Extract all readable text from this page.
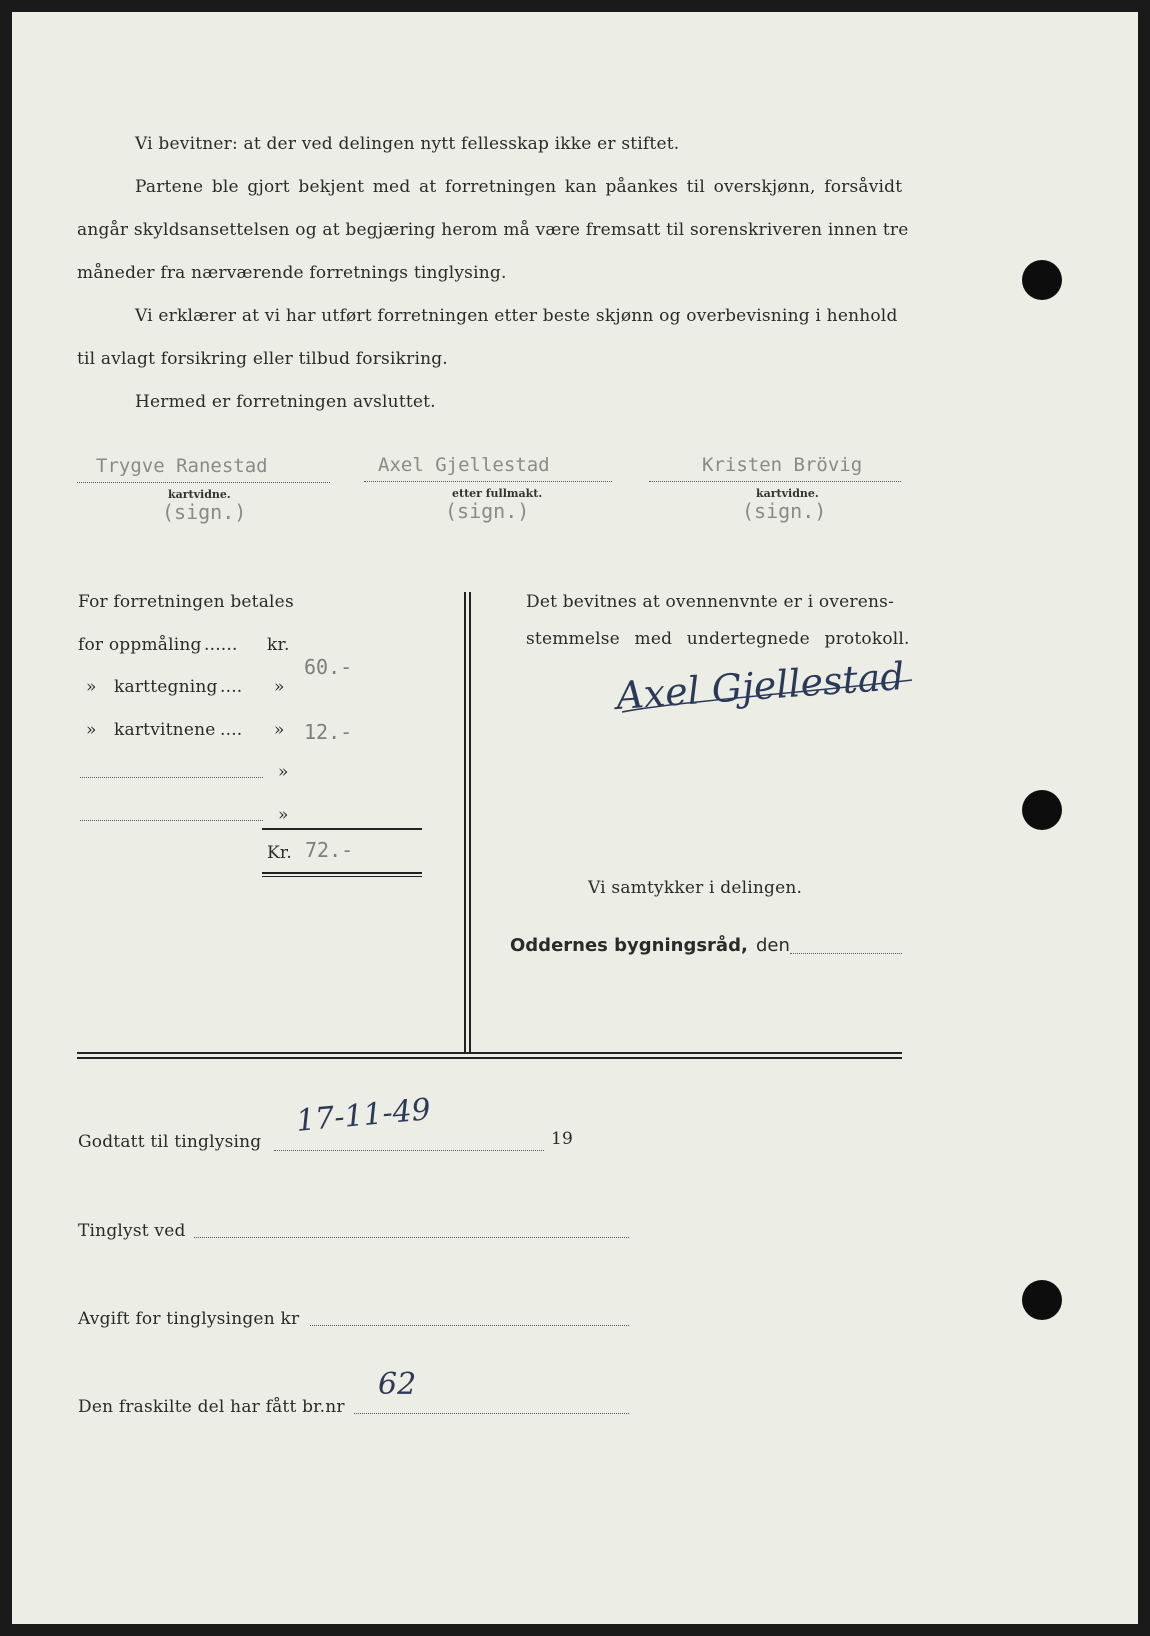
Vi bevitner: at der ved delingen nytt fellesskap ikke er stiftet.
Partene ble gjort bekjent med at forretningen kan påankes til overskjønn, forsåvidt
angår skyldsansettelsen og at begjæring herom må være fremsatt til sorenskriveren innen tre
måneder fra nærværende forretnings tinglysing.
Vi erklærer at vi har utført forretningen etter beste skjønn og overbevisning i henhold
til avlagt forsikring eller tilbud forsikring.
Hermed er forretningen avsluttet.
Trygve Ranestad
kartvidne.
(sign.)
Axel Gjellestad
etter fullmakt.
(sign.)
Kristen Brövig
kartvidne.
(sign.)
For forretningen betales
for oppmåling ...... kr.
60.-
» karttegning .... »
» kartvitnene .... » 12.-
»
»
Kr. 72.-
Det bevitnes at ovennenvnte er i overens-
stemmelse med undertegnede protokoll.
Axel Gjellestad
Vi samtykker i delingen.
Oddernes bygningsråd, den
Godtatt til tinglysing
17-11-49
19
Tinglyst ved
Avgift for tinglysingen kr
Den fraskilte del har fått br.nr
62
